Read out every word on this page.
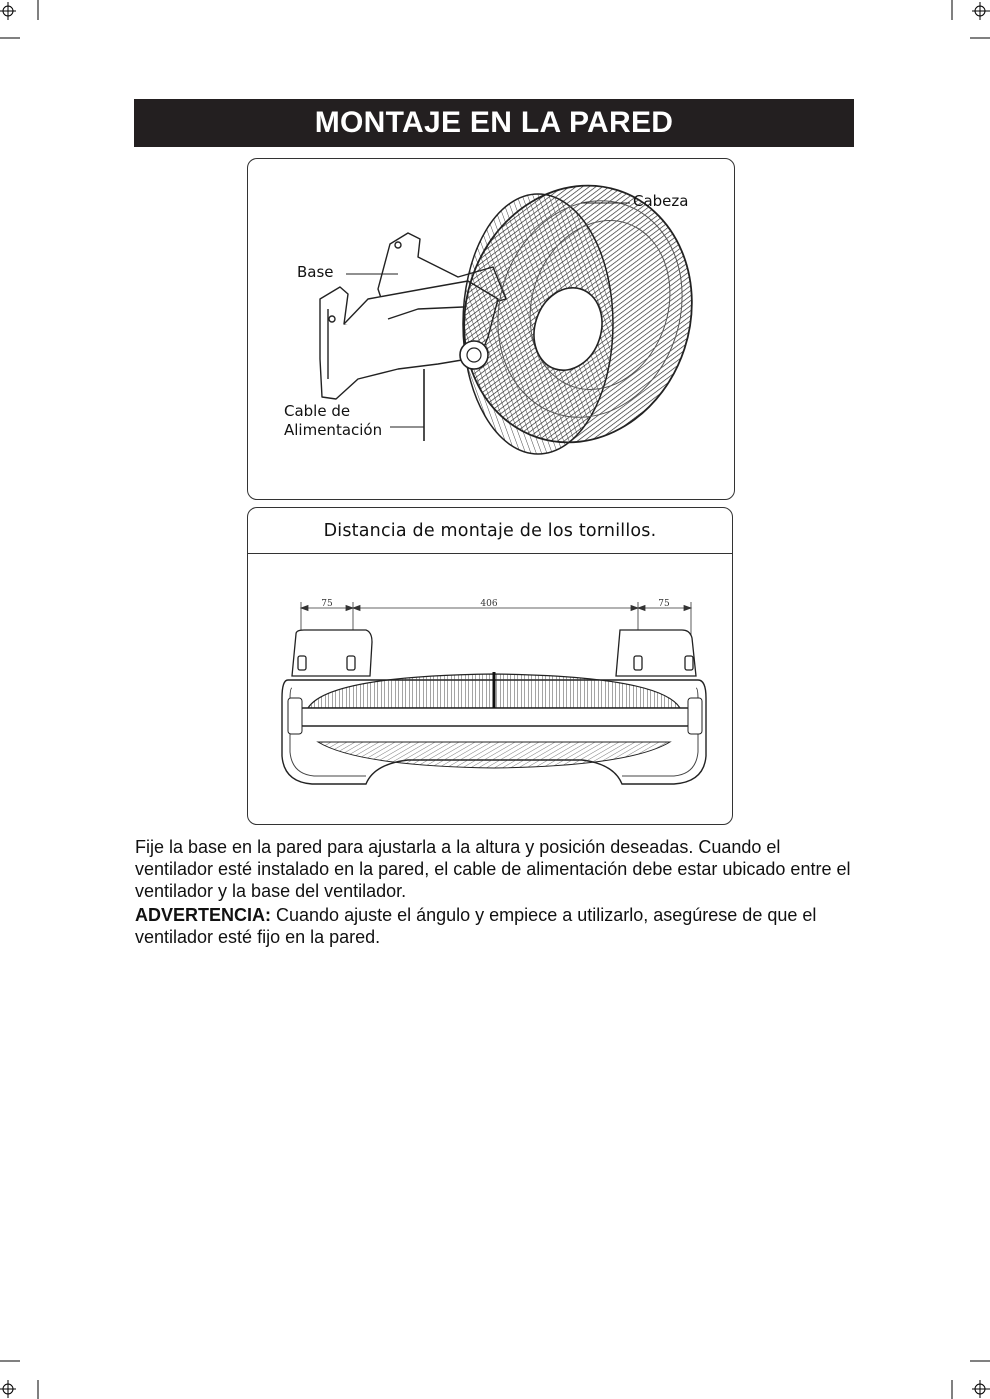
MONTAJE EN LA PARED
Cabeza
Base
Cable de
Alimentación
Distancia de montaje de los tornillos.
75	406	75

Fije la base en la pared para ajustarla a la altura y posición deseadas. Cuando el ventilador esté instalado en la pared, el cable de alimentación debe estar ubicado entre el ventilador y la base del ventilador.

ADVERTENCIA: Cuando ajuste el ángulo y empiece a utilizarlo, asegúrese de que el ventilador esté fijo en la pared.
